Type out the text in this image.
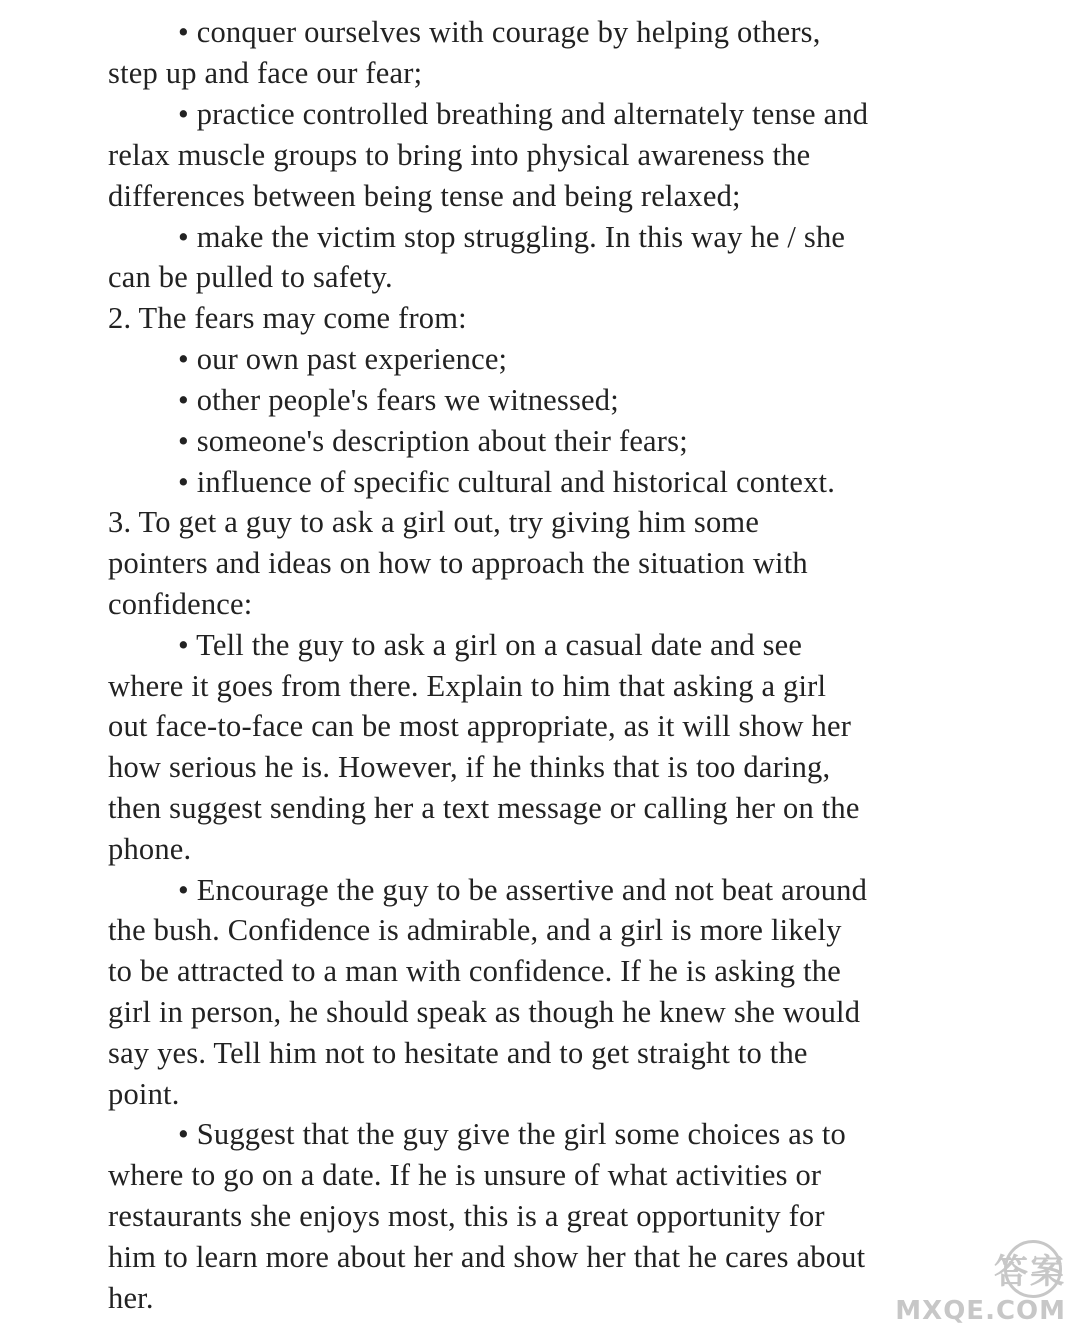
• conquer ourselves with courage by helping others,
step up and face our fear;
• practice controlled breathing and alternately tense and
relax muscle groups to bring into physical awareness the
differences between being tense and being relaxed;
• make the victim stop struggling. In this way he / she
can be pulled to safety.
2. The fears may come from:
• our own past experience;
• other people's fears we witnessed;
• someone's description about their fears;
• influence of specific cultural and historical context.
3. To get a guy to ask a girl out, try giving him some
pointers and ideas on how to approach the situation with
confidence:
• Tell the guy to ask a girl on a casual date and see
where it goes from there. Explain to him that asking a girl
out face-to-face can be most appropriate, as it will show her
how serious he is. However, if he thinks that is too daring,
then suggest sending her a text message or calling her on the
phone.
• Encourage the guy to be assertive and not beat around
the bush. Confidence is admirable, and a girl is more likely
to be attracted to a man with confidence. If he is asking the
girl in person, he should speak as though he knew she would
say yes. Tell him not to hesitate and to get straight to the
point.
• Suggest that the guy give the girl some choices as to
where to go on a date. If he is unsure of what activities or
restaurants she enjoys most, this is a great opportunity for
him to learn more about her and show her that he cares about
her.
答案
MXQE.COM
